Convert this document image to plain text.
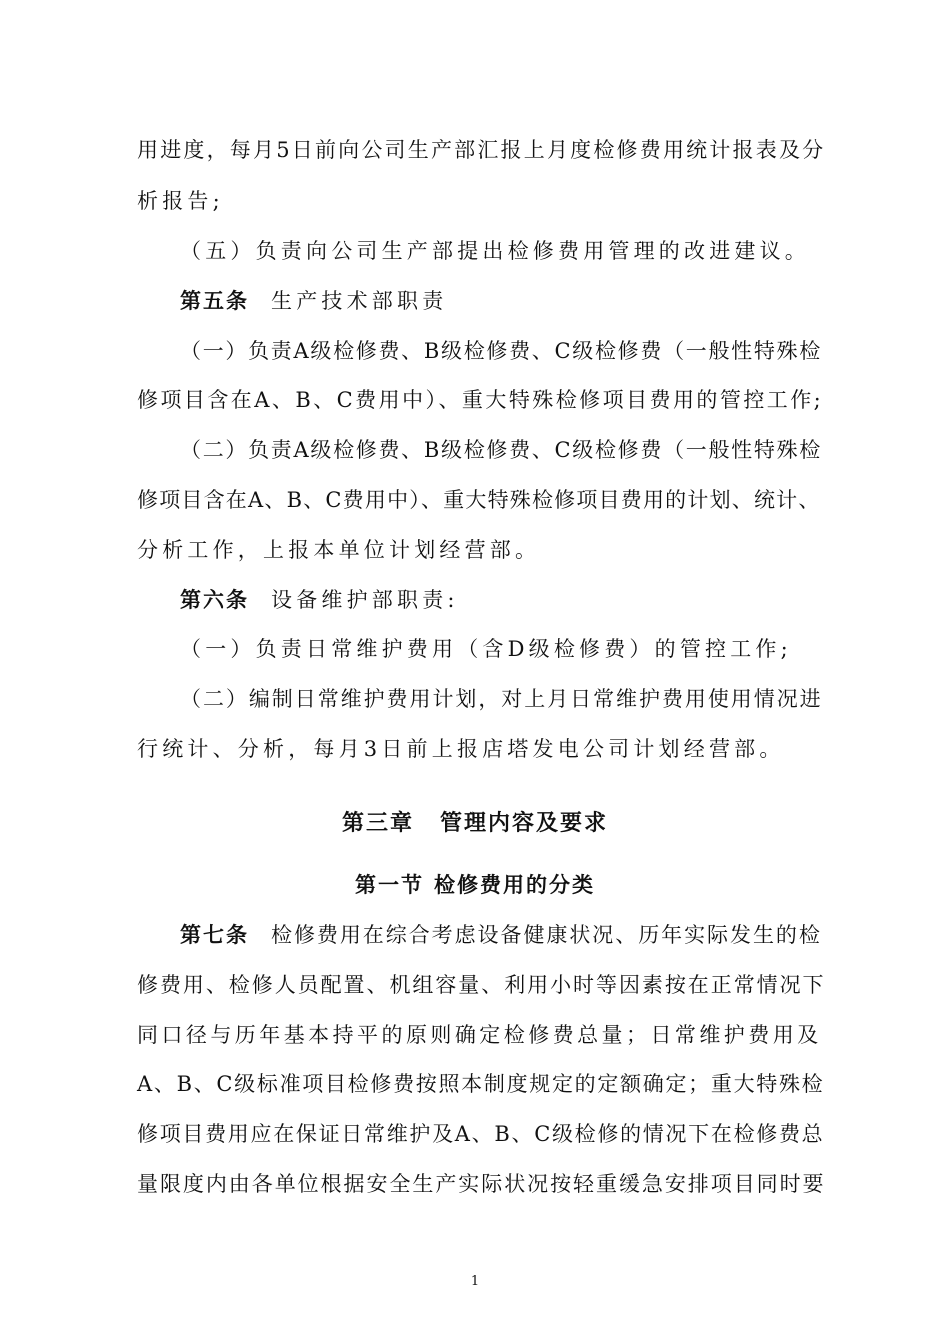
用进度，每月5日前向公司生产部汇报上月度检修费用统计报表及分
析报告;
（五）负责向公司生产部提出检修费用管理的改进建议。
第五条 生产技术部职责
（一）负责A级检修费、B级检修费、C级检修费（一般性特殊检
修项目含在A、B、C费用中）、重大特殊检修项目费用的管控工作;
（二）负责A级检修费、B级检修费、C级检修费（一般性特殊检
修项目含在A、B、C费用中）、重大特殊检修项目费用的计划、统计、
分析工作，上报本单位计划经营部。
第六条 设备维护部职责:
（一）负责日常维护费用（含D级检修费）的管控工作;
（二）编制日常维护费用计划，对上月日常维护费用使用情况进
行统计、分析，每月3日前上报店塔发电公司计划经营部。
第三章 管理内容及要求
第一节 检修费用的分类
第七条 检修费用在综合考虑设备健康状况、历年实际发生的检
修费用、检修人员配置、机组容量、利用小时等因素按在正常情况下
同口径与历年基本持平的原则确定检修费总量；日常维护费用及
A、B、C级标准项目检修费按照本制度规定的定额确定；重大特殊检
修项目费用应在保证日常维护及A、B、C级检修的情况下在检修费总
量限度内由各单位根据安全生产实际状况按轻重缓急安排项目同时要
1
